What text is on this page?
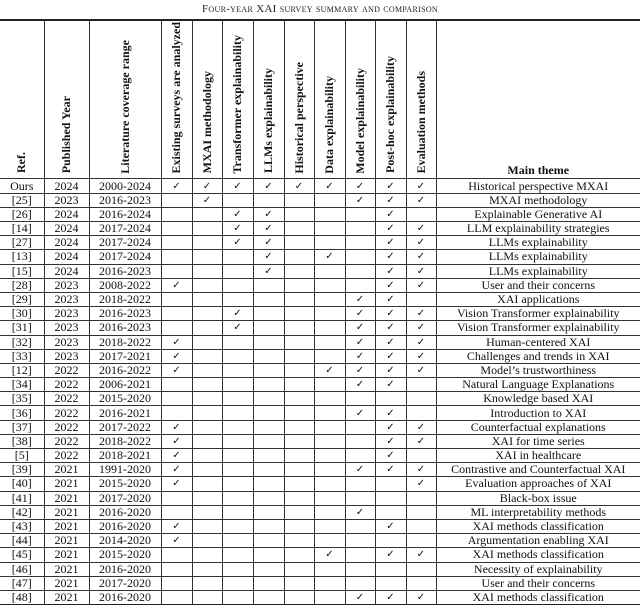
Four-year XAI survey summary and comparison
Ref.	Published Year	Literature coverage range	Existing surveys are analyzed	MXAI methodology	Transformer explainability	LLMs explainability	Historical perspective	Data explainability	Model explainability	Post-hoc explainability	Evaluation methods	Main theme

Ours	2024	2000-2024	✓	✓	✓	✓	✓	✓	✓	✓	✓	Historical perspective MXAI
[25]	2023	2016-2023		✓					✓	✓	✓	MXAI methodology
[26]	2024	2016-2024			✓	✓				✓		Explainable Generative AI
[14]	2024	2017-2024			✓	✓				✓	✓	LLM explainability strategies
[27]	2024	2017-2024			✓	✓				✓	✓	LLMs explainability
[13]	2024	2017-2024				✓		✓		✓	✓	LLMs explainability
[15]	2024	2016-2023				✓				✓	✓	LLMs explainability
[28]	2023	2008-2022	✓							✓	✓	User and their concerns
[29]	2023	2018-2022							✓	✓		XAI applications
[30]	2023	2016-2023			✓				✓	✓	✓	Vision Transformer explainability
[31]	2023	2016-2023			✓				✓	✓	✓	Vision Transformer explainability
[32]	2023	2018-2022	✓						✓	✓	✓	Human-centered XAI
[33]	2023	2017-2021	✓						✓	✓	✓	Challenges and trends in XAI
[12]	2022	2016-2022	✓					✓	✓	✓	✓	Model’s trustworthiness
[34]	2022	2006-2021							✓	✓		Natural Language Explanations
[35]	2022	2015-2020										Knowledge based XAI
[36]	2022	2016-2021							✓	✓		Introduction to XAI
[37]	2022	2017-2022	✓							✓	✓	Counterfactual explanations
[38]	2022	2018-2022	✓							✓	✓	XAI for time series
[5]	2022	2018-2021	✓							✓		XAI in healthcare
[39]	2021	1991-2020	✓						✓	✓	✓	Contrastive and Counterfactual XAI
[40]	2021	2015-2020	✓								✓	Evaluation approaches of XAI
[41]	2021	2017-2020										Black-box issue
[42]	2021	2016-2020							✓			ML interpretability methods
[43]	2021	2016-2020	✓							✓		XAI methods classification
[44]	2021	2014-2020	✓									Argumentation enabling XAI
[45]	2021	2015-2020						✓		✓	✓	XAI methods classification
[46]	2021	2016-2020										Necessity of explainability
[47]	2021	2017-2020										User and their concerns
[48]	2021	2016-2020							✓	✓	✓	XAI methods classification
